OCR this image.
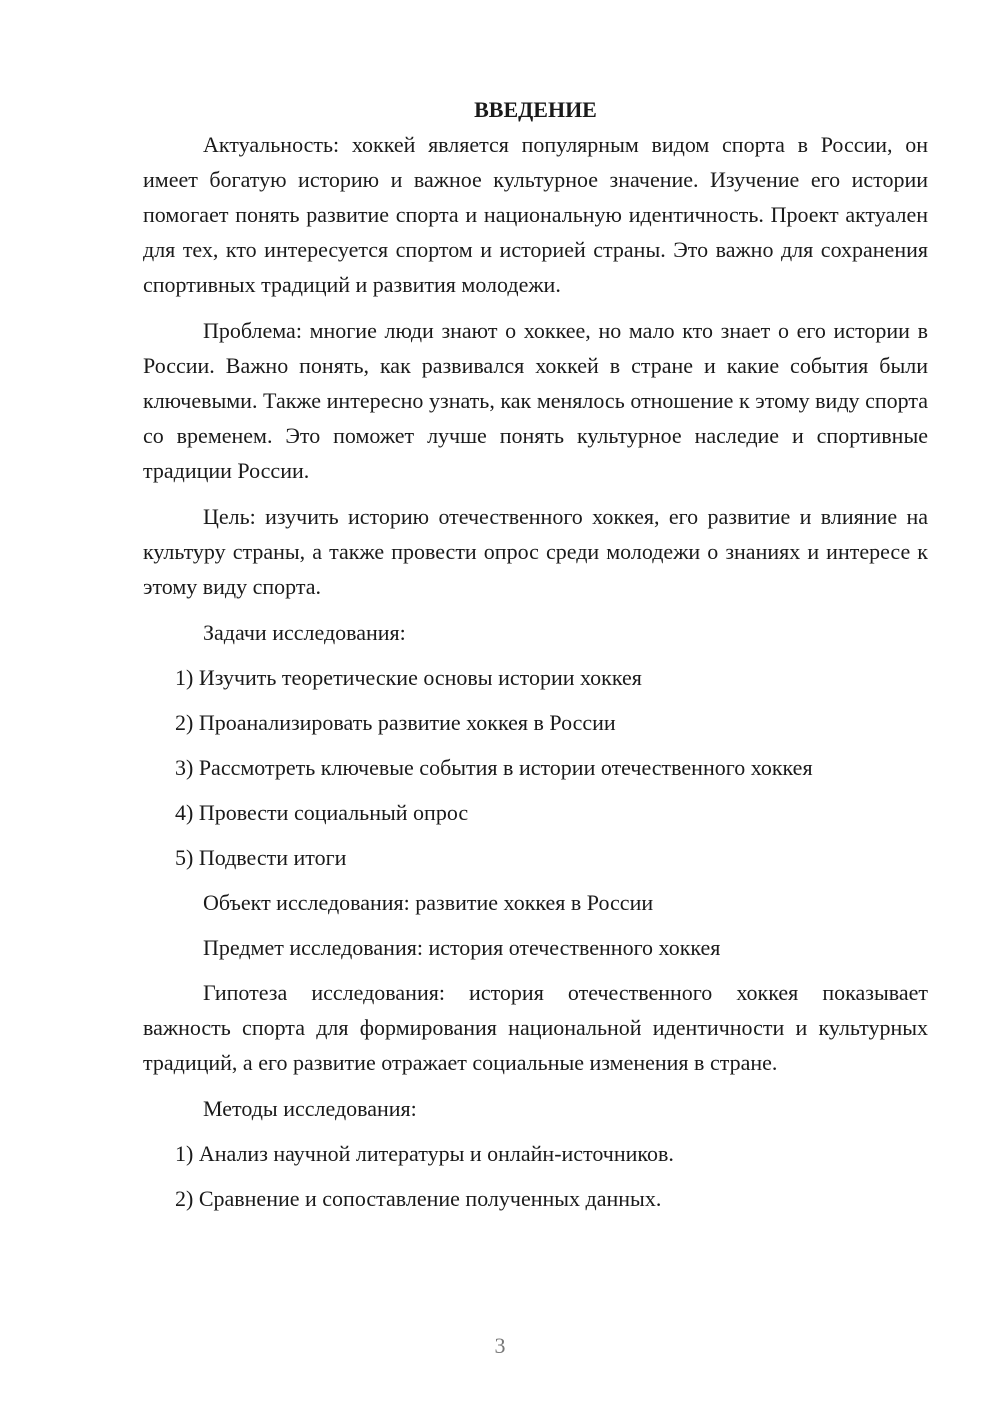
ВВЕДЕНИЕ

Актуальность: хоккей является популярным видом спорта в России, он имеет богатую историю и важное культурное значение. Изучение его истории помогает понять развитие спорта и национальную идентичность. Проект актуален для тех, кто интересуется спортом и историей страны. Это важно для сохранения спортивных традиций и развития молодежи.

Проблема: многие люди знают о хоккее, но мало кто знает о его истории в России. Важно понять, как развивался хоккей в стране и какие события были ключевыми. Также интересно узнать, как менялось отношение к этому виду спорта со временем. Это поможет лучше понять культурное наследие и спортивные традиции России.

Цель: изучить историю отечественного хоккея, его развитие и влияние на культуру страны, а также провести опрос среди молодежи о знаниях и интересе к этому виду спорта.

Задачи исследования:
1) Изучить теоретические основы истории хоккея
2) Проанализировать развитие хоккея в России
3) Рассмотреть ключевые события в истории отечественного хоккея
4) Провести социальный опрос
5) Подвести итоги
Объект исследования: развитие хоккея в России
Предмет исследования: история отечественного хоккея

Гипотеза исследования: история отечественного хоккея показывает важность спорта для формирования национальной идентичности и культурных традиций, а его развитие отражает социальные изменения в стране.

Методы исследования:
1) Анализ научной литературы и онлайн-источников.
2) Сравнение и сопоставление полученных данных.
3
